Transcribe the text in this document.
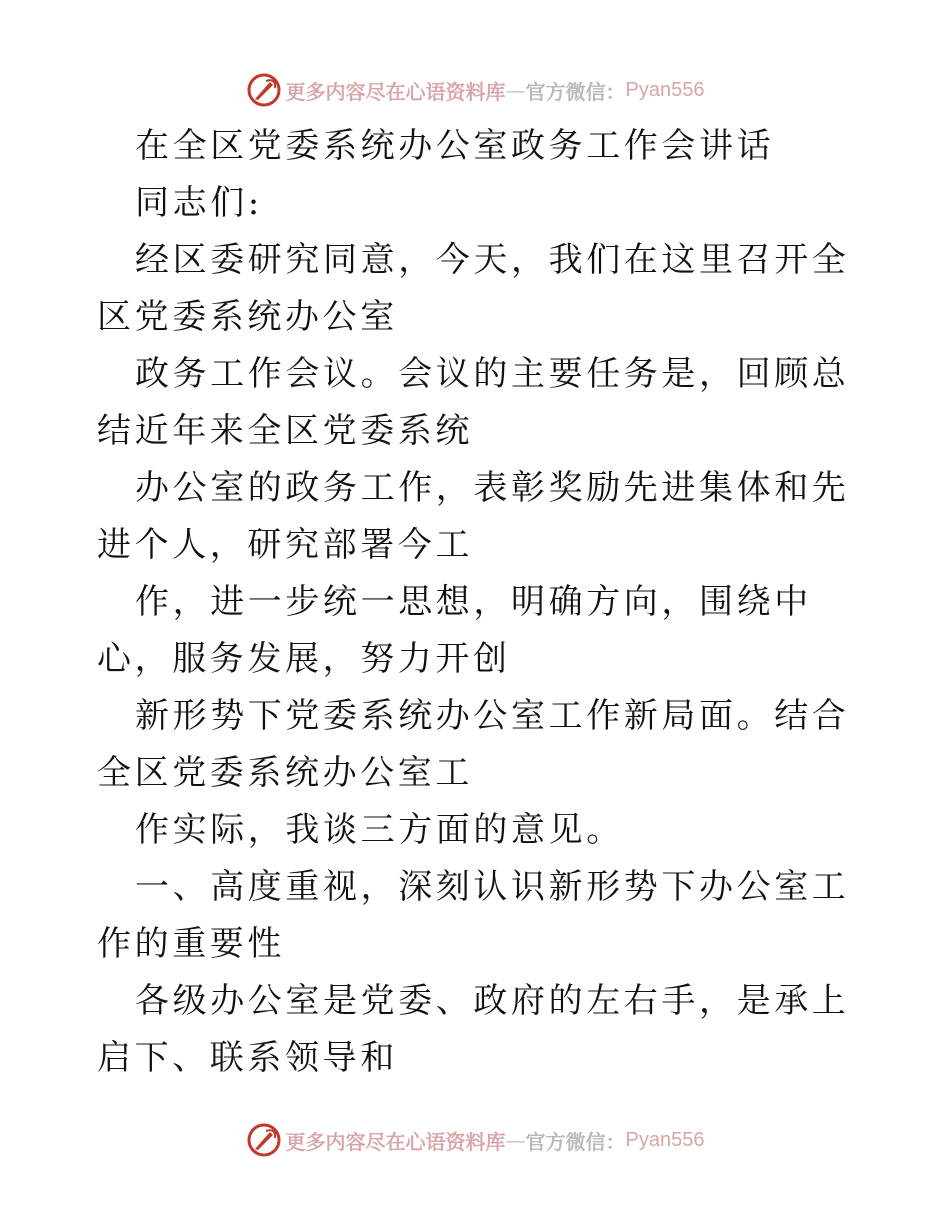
更多内容尽在心语资料库 — 官方微信： Pyan556

在全区党委系统办公室政务工作会讲话

同志们:

经区委研究同意，今天，我们在这里召开全区党委系统办公室

政务工作会议。会议的主要任务是，回顾总结近年来全区党委系统

办公室的政务工作，表彰奖励先进集体和先进个人，研究部署今工

作，进一步统一思想，明确方向，围绕中心，服务发展，努力开创

新形势下党委系统办公室工作新局面。结合全区党委系统办公室工

作实际，我谈三方面的意见。

一、高度重视，深刻认识新形势下办公室工作的重要性

各级办公室是党委、政府的左右手，是承上启下、联系领导和

更多内容尽在心语资料库 — 官方微信： Pyan556
